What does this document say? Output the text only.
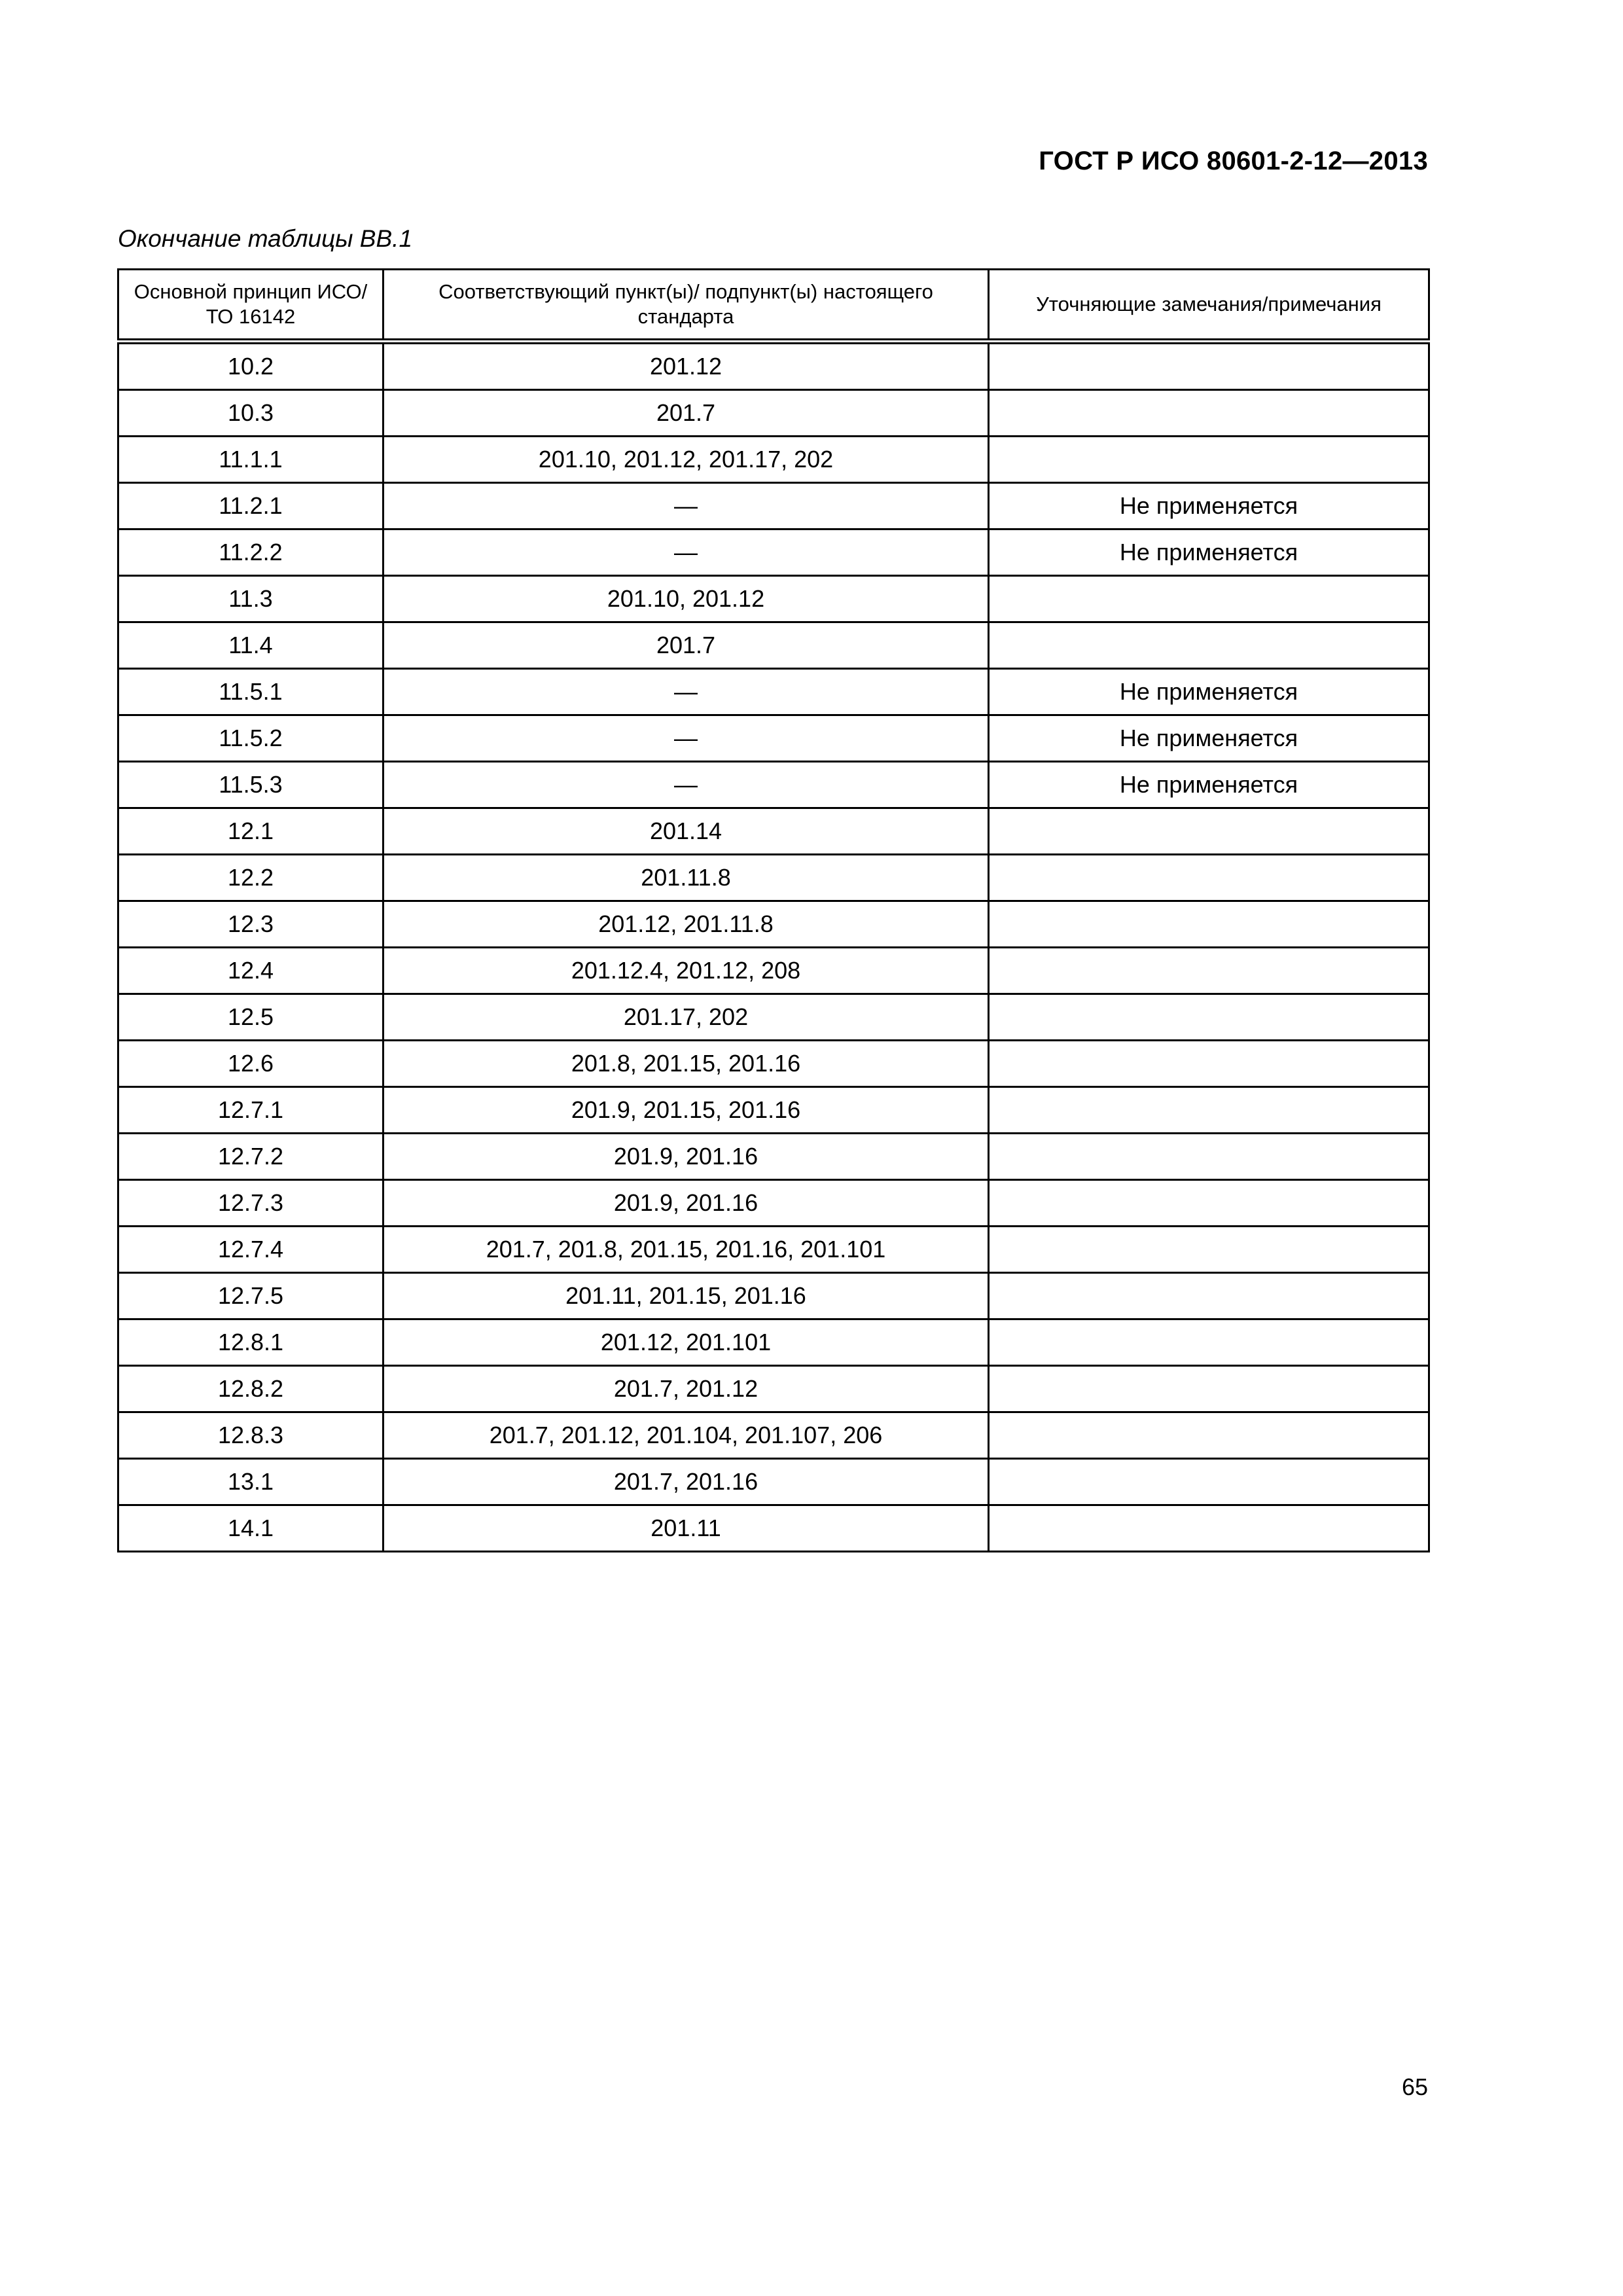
ГОСТ Р ИСО 80601-2-12—2013
Окончание таблицы ВВ.1
Основной принцип ИСО/ТО 16142	Соответствующий пункт(ы)/ подпункт(ы) настоящего стандарта	Уточняющие замечания/примечания
10.2	201.12	
10.3	201.7	
11.1.1	201.10, 201.12, 201.17, 202	
11.2.1	—	Не применяется
11.2.2	—	Не применяется
11.3	201.10, 201.12	
11.4	201.7	
11.5.1	—	Не применяется
11.5.2	—	Не применяется
11.5.3	—	Не применяется
12.1	201.14	
12.2	201.11.8	
12.3	201.12, 201.11.8	
12.4	201.12.4, 201.12, 208	
12.5	201.17, 202	
12.6	201.8, 201.15, 201.16	
12.7.1	201.9, 201.15, 201.16	
12.7.2	201.9, 201.16	
12.7.3	201.9, 201.16	
12.7.4	201.7, 201.8, 201.15, 201.16, 201.101	
12.7.5	201.11, 201.15, 201.16	
12.8.1	201.12, 201.101	
12.8.2	201.7, 201.12	
12.8.3	201.7, 201.12, 201.104, 201.107, 206	
13.1	201.7, 201.16	
14.1	201.11	
65
